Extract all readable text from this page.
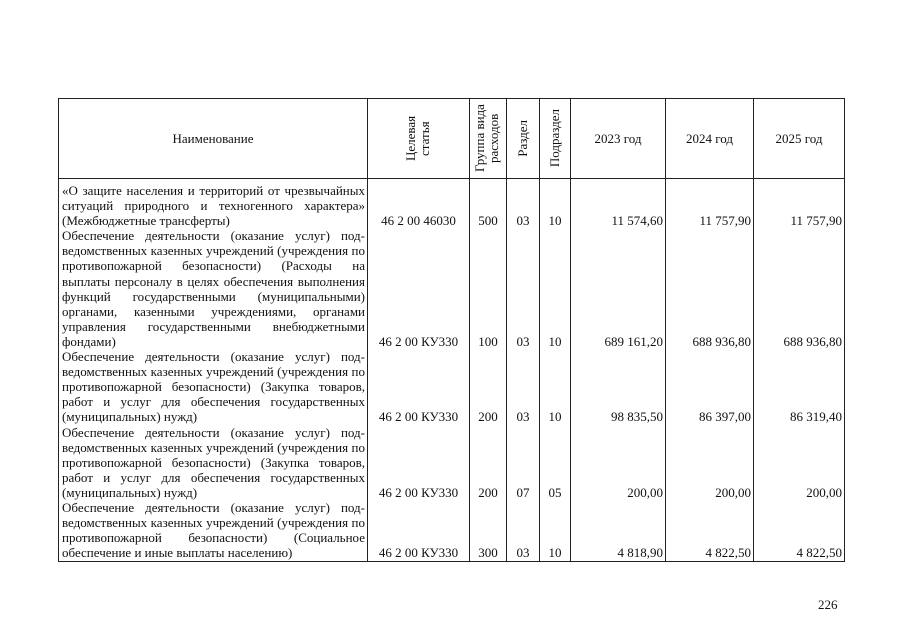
Наименование	Целевая статья	Группа вида расходов	Раздел	Подраздел	2023 год	2024 год	2025 год
«О защите населения и территорий от чрезвычайных ситуаций природного и техногенного характера» (Межбюджетные трансферты)	46 2 00 46030	500	03	10	11 574,60	11 757,90	11 757,90
Обеспечение деятельности (оказание услуг) подведомственных казенных учреждений (учреждения по противопожарной безопасности) (Расходы на выплаты персоналу в целях обеспечения выполнения функций государственными (муниципальными) органами, казенными учреждениями, органами управления государственными внебюджетными фондами)	46 2 00 КУ330	100	03	10	689 161,20	688 936,80	688 936,80
Обеспечение деятельности (оказание услуг) подведомственных казенных учреждений (учреждения по противопожарной безопасности) (Закупка товаров, работ и услуг для обеспечения государственных (муниципальных) нужд)	46 2 00 КУ330	200	03	10	98 835,50	86 397,00	86 319,40
Обеспечение деятельности (оказание услуг) подведомственных казенных учреждений (учреждения по противопожарной безопасности) (Закупка товаров, работ и услуг для обеспечения государственных (муниципальных) нужд)	46 2 00 КУ330	200	07	05	200,00	200,00	200,00
Обеспечение деятельности (оказание услуг) подведомственных казенных учреждений (учреждения по противопожарной безопасности) (Социальное обеспечение и иные выплаты населению)	46 2 00 КУ330	300	03	10	4 818,90	4 822,50	4 822,50
226
